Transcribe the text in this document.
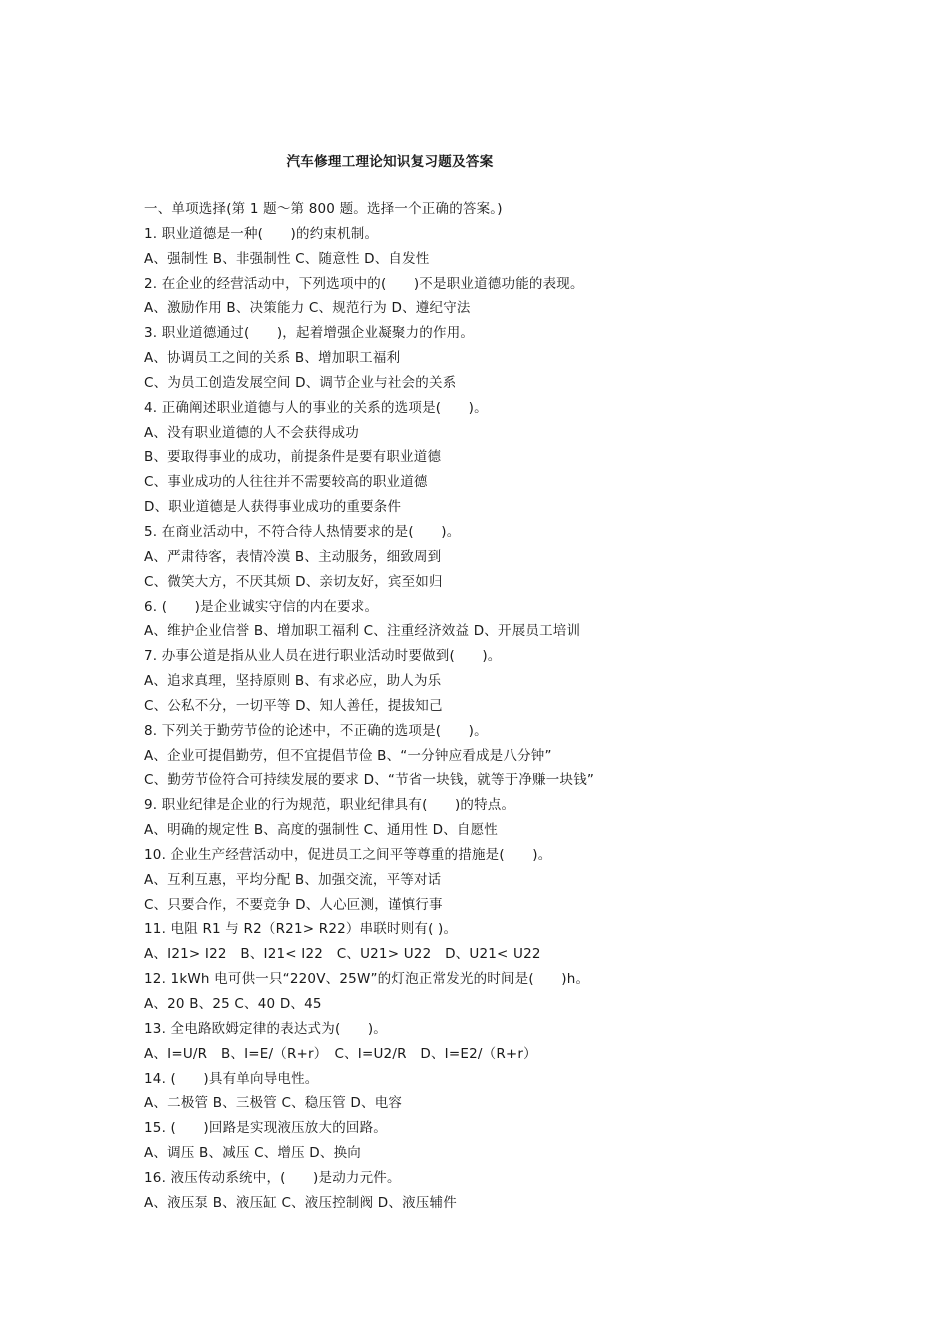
汽车修理工理论知识复习题及答案
一、单项选择(第 1 题～第 800 题。选择一个正确的答案。)
1. 职业道德是一种(　　)的约束机制。
A、强制性 B、非强制性 C、随意性 D、自发性
2. 在企业的经营活动中，下列选项中的(　　)不是职业道德功能的表现。
A、激励作用 B、决策能力 C、规范行为 D、遵纪守法
3. 职业道德通过(　　)，起着增强企业凝聚力的作用。
A、协调员工之间的关系 B、增加职工福利
C、为员工创造发展空间 D、调节企业与社会的关系
4. 正确阐述职业道德与人的事业的关系的选项是(　　)。
A、没有职业道德的人不会获得成功
B、要取得事业的成功，前提条件是要有职业道德
C、事业成功的人往往并不需要较高的职业道德
D、职业道德是人获得事业成功的重要条件
5. 在商业活动中，不符合待人热情要求的是(　　)。
A、严肃待客，表情冷漠 B、主动服务，细致周到
C、微笑大方，不厌其烦 D、亲切友好，宾至如归
6. (　　)是企业诚实守信的内在要求。
A、维护企业信誉 B、增加职工福利 C、注重经济效益 D、开展员工培训
7. 办事公道是指从业人员在进行职业活动时要做到(　　)。
A、追求真理，坚持原则 B、有求必应，助人为乐
C、公私不分，一切平等 D、知人善任，提拔知己
8. 下列关于勤劳节俭的论述中，不正确的选项是(　　)。
A、企业可提倡勤劳，但不宜提倡节俭 B、“一分钟应看成是八分钟”
C、勤劳节俭符合可持续发展的要求 D、“节省一块钱，就等于净赚一块钱”
9. 职业纪律是企业的行为规范，职业纪律具有(　　)的特点。
A、明确的规定性 B、高度的强制性 C、通用性 D、自愿性
10. 企业生产经营活动中，促进员工之间平等尊重的措施是(　　)。
A、互利互惠，平均分配 B、加强交流，平等对话
C、只要合作，不要竞争 D、人心叵测，谨慎行事
11. 电阻 R1 与 R2（R21> R22）串联时则有( )。
A、I21> I22　B、I21< I22　C、U21> U22　D、U21< U22
12. 1kWh 电可供一只“220V、25W”的灯泡正常发光的时间是(　　)h。
A、20 B、25 C、40 D、45
13. 全电路欧姆定律的表达式为(　　)。
A、I=U/R　B、I=E/（R+r）　C、I=U2/R　D、I=E2/（R+r）
14. (　　)具有单向导电性。
A、二极管 B、三极管 C、稳压管 D、电容
15. (　　)回路是实现液压放大的回路。
A、调压 B、减压 C、增压 D、换向
16. 液压传动系统中，(　　)是动力元件。
A、液压泵 B、液压缸 C、液压控制阀 D、液压辅件
